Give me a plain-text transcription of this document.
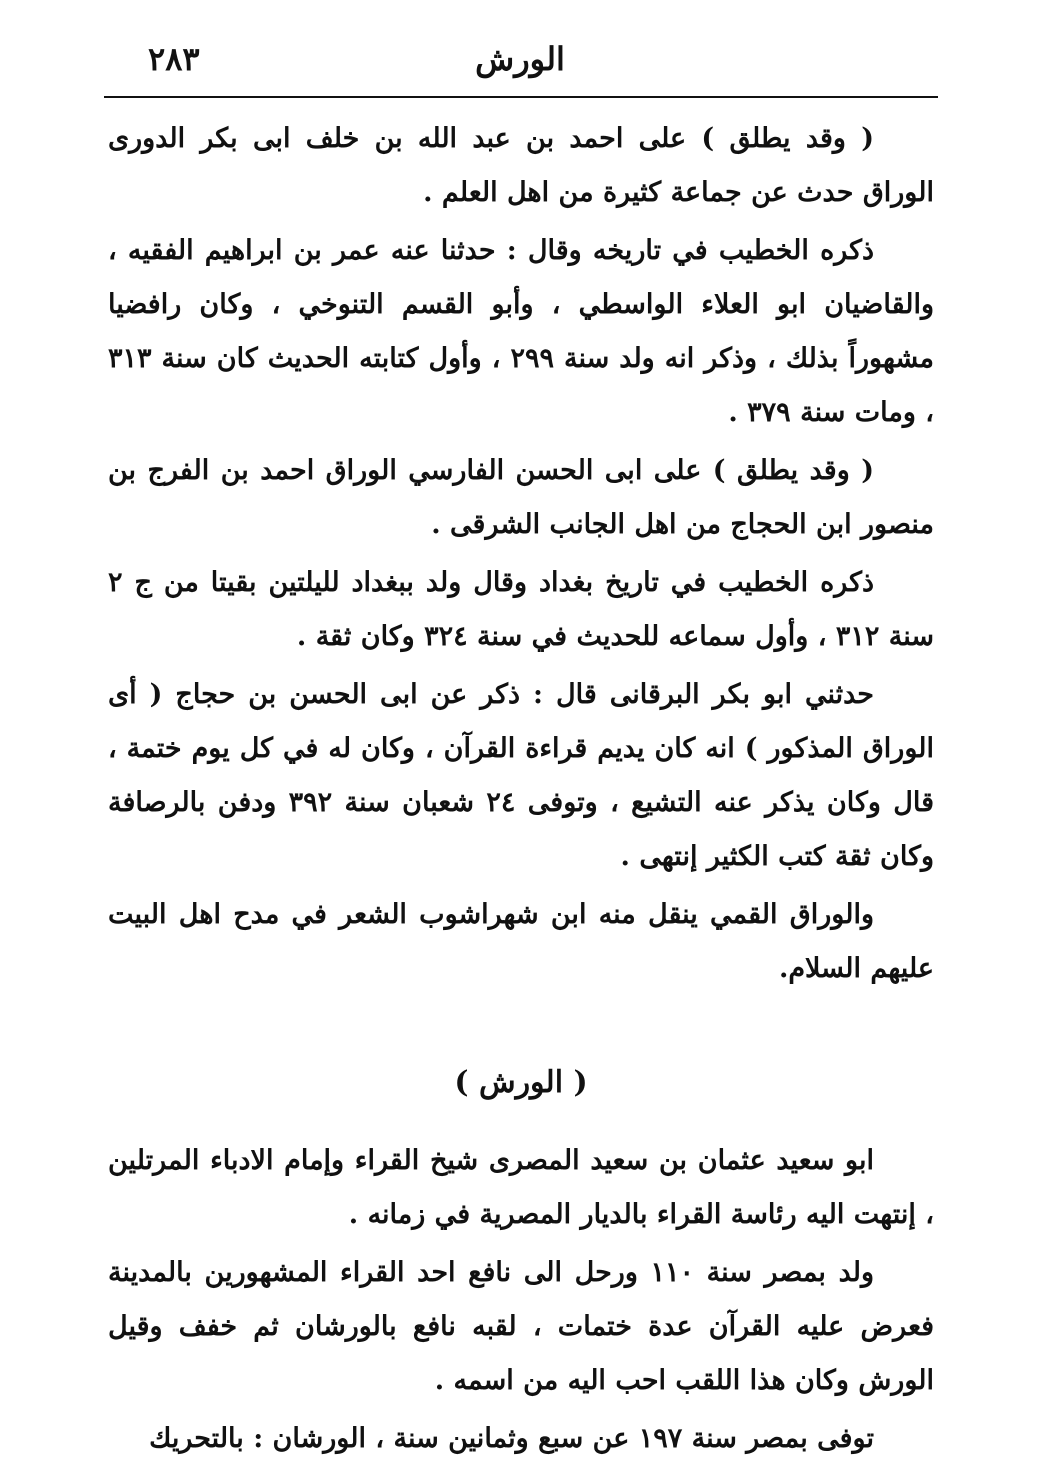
٢٨٣	الورش

( وقد يطلق ) على احمد بن عبد الله بن خلف ابى بكر الدورى الوراق حدث عن جماعة كثيرة من اهل العلم .

ذكره الخطيب في تاريخه وقال : حدثنا عنه عمر بن ابراهيم الفقيه ، والقاضيان ابو العلاء الواسطي ، وأبو القسم التنوخي ، وكان رافضيا مشهوراً بذلك ، وذكر انه ولد سنة ٢٩٩ ، وأول كتابته الحديث كان سنة ٣١٣ ، ومات سنة ٣٧٩ .

( وقد يطلق ) على ابى الحسن الفارسي الوراق احمد بن الفرج بن منصور ابن الحجاج من اهل الجانب الشرقى .

ذكره الخطيب في تاريخ بغداد وقال ولد ببغداد لليلتين بقيتا من ج ٢ سنة ٣١٢ ، وأول سماعه للحديث في سنة ٣٢٤ وكان ثقة .

حدثني ابو بكر البرقانى قال : ذكر عن ابى الحسن بن حجاج ( أى الوراق المذكور ) انه كان يديم قراءة القرآن ، وكان له في كل يوم ختمة ، قال وكان يذكر عنه التشيع ، وتوفى ٢٤ شعبان سنة ٣٩٢ ودفن بالرصافة وكان ثقة كتب الكثير إنتهى .

والوراق القمي ينقل منه ابن شهراشوب الشعر في مدح اهل البيت عليهم السلام.

( الورش )

ابو سعيد عثمان بن سعيد المصرى شيخ القراء وإمام الادباء المرتلين ، إنتهت اليه رئاسة القراء بالديار المصرية في زمانه .

ولد بمصر سنة ١١٠ ورحل الى نافع احد القراء المشهورين بالمدينة فعرض عليه القرآن عدة ختمات ، لقبه نافع بالورشان ثم خفف وقيل الورش وكان هذا اللقب احب اليه من اسمه .

توفى بمصر سنة ١٩٧ عن سبع وثمانين سنة ، الورشان : بالتحريك
